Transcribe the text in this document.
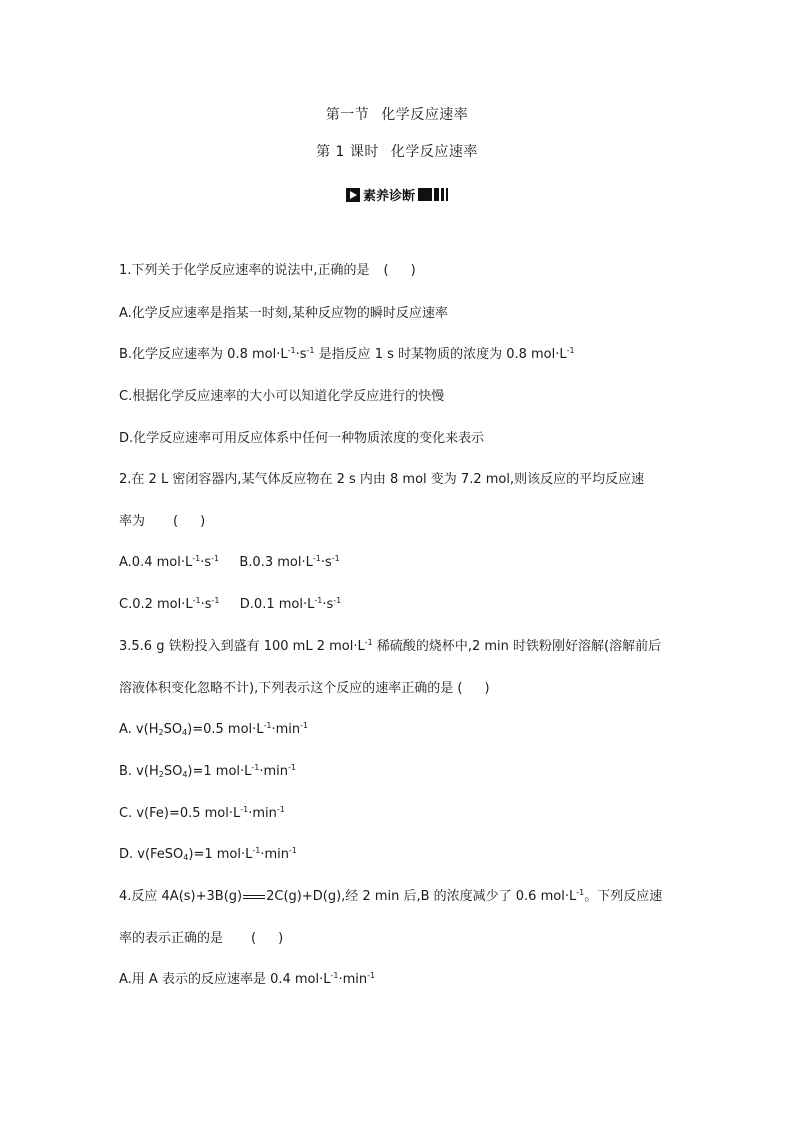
第一节 化学反应速率
第 1 课时 化学反应速率
素养诊断
1.下列关于化学反应速率的说法中,正确的是 ( )
A.化学反应速率是指某一时刻,某种反应物的瞬时反应速率
B.化学反应速率为 0.8 $mol\cdot L^{-1}\cdot s^{-1}$ 是指反应 1 s 时某物质的浓度为 0.8 $mol\cdot L^{-1}$
C.根据化学反应速率的大小可以知道化学反应进行的快慢
D.化学反应速率可用反应体系中任何一种物质浓度的变化来表示
2.在 2 L 密闭容器内,某气体反应物在 2 s 内由 8 mol 变为 7.2 mol,则该反应的平均反应速
率为 ( )
A.0.4 $mol\cdot L^{-1}\cdot s^{-1}$ B.0.3 $mol\cdot L^{-1}\cdot s^{-1}$
C.0.2 $mol\cdot L^{-1}\cdot s^{-1}$ D.0.1 $mol\cdot L^{-1}\cdot s^{-1}$
3.5.6 g 铁粉投入到盛有 100 mL 2 $mol\cdot L^{-1}$ 稀硫酸的烧杯中,2 min 时铁粉刚好溶解(溶解前后
溶液体积变化忽略不计),下列表示这个反应的速率正确的是 ( )
A. $v(H_2SO_4)=0.5$ $mol\cdot L^{-1}\cdot\min^{-1}$
B. $v(H_2SO_4)=1$ $mol\cdot L^{-1}\cdot\min^{-1}$
C. v(Fe)=0.5 $mol\cdot L^{-1}\cdot\min^{-1}$
D. v(FeSO$_4$)=1 $mol\cdot L^{-1}\cdot\min^{-1}$
4.反应 4A(s)+3B(g) 2C(g)+D(g),经 2 min 后,B 的浓度减少了 0.6 $mol\cdot L^{-1}$。下列反应速
率的表示正确的是 ( )
A.用 A 表示的反应速率是 0.4 $mol\cdot L^{-1}\cdot\min^{-1}$
